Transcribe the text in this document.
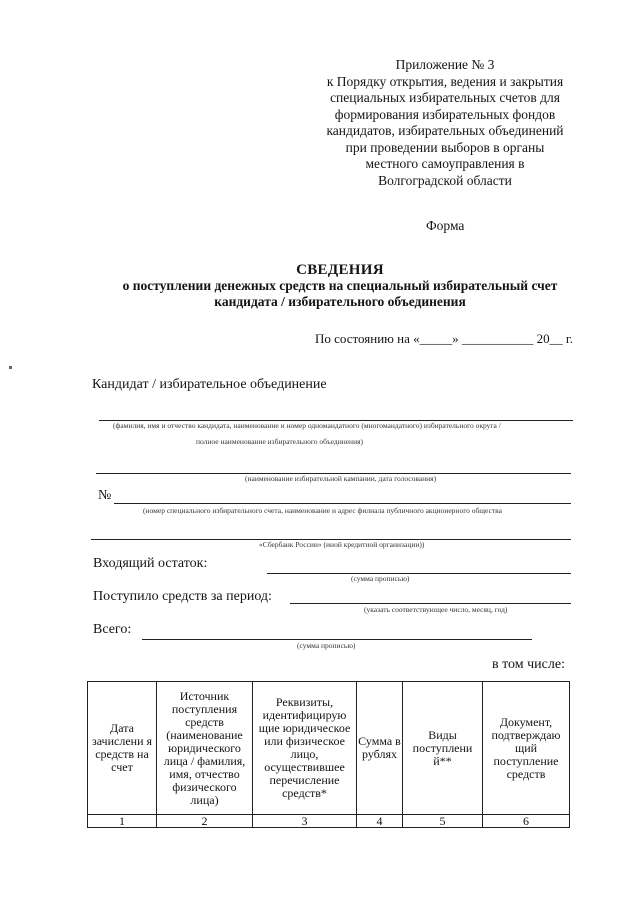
Приложение № 3
к Порядку открытия, ведения и закрытия
специальных избирательных счетов для
формирования избирательных фондов
кандидатов, избирательных объединений
при проведении выборов в органы
местного самоуправления в
Волгоградской области
Форма
СВЕДЕНИЯ
о поступлении денежных средств на специальный избирательный счет
кандидата / избирательного объединения
По состоянию на «_____» ___________ 20__ г.
Кандидат / избирательное объединение
(фамилия, имя и отчество кандидата, наименование и номер одномандатного (многомандатного) избирательного округа /
полное наименование избирательного объединения)
(наименование избирательной кампании, дата голосования)
№
(номер специального избирательного счета, наименование и адрес филиала публичного акционерного общества
«Сбербанк России» (иной кредитной организации))
Входящий остаток:
(сумма прописью)
Поступило средств за период:
(указать соответствующее число, месяц, год)
Всего:
(сумма прописью)
в том числе:
Дата зачислени я средств на счет	Источник поступления средств (наименование юридического лица / фамилия, имя, отчество физического лица)	Реквизиты, идентифицирую щие юридическое или физическое лицо, осуществившее перечисление средств*	Сумма в рублях	Виды поступлени й**	Документ, подтверждаю щий поступление средств
1	2	3	4	5	6
